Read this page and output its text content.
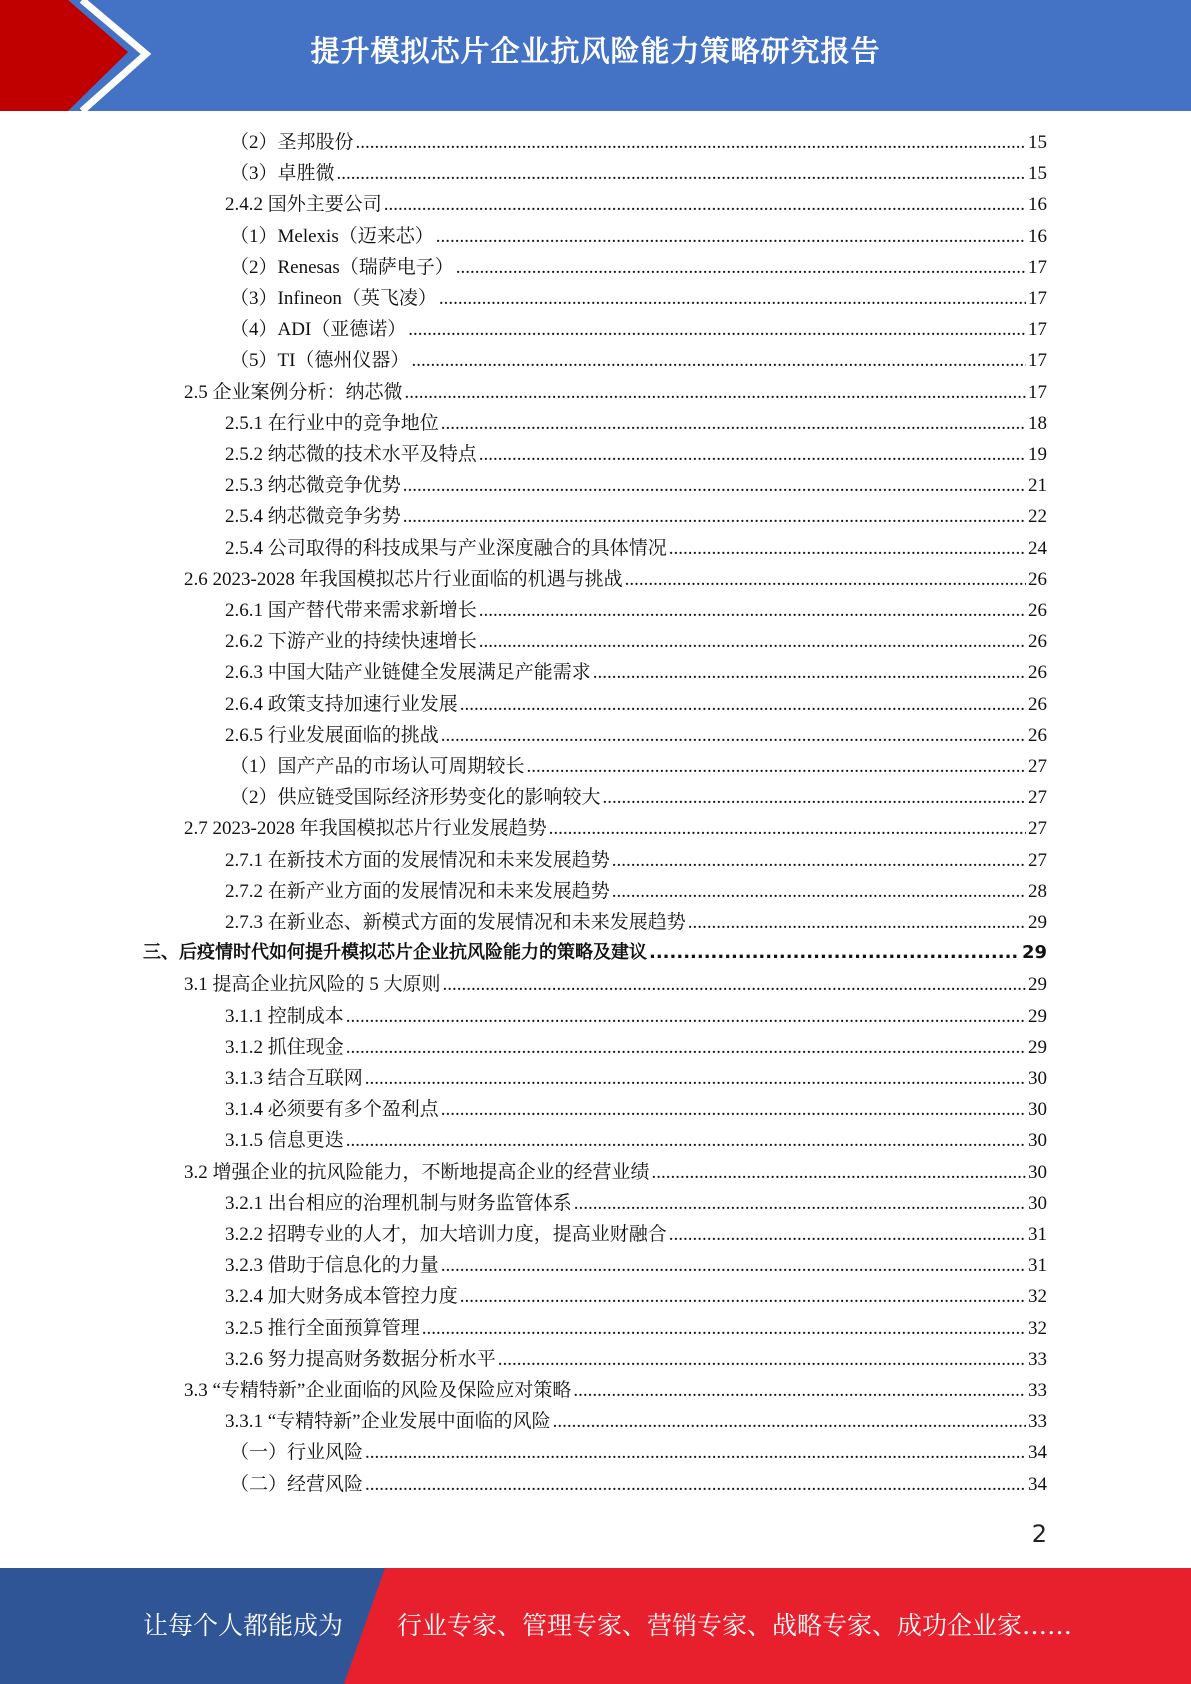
提升模拟芯片企业抗风险能力策略研究报告
（2）圣邦股份 .....	15
（3）卓胜微 .....	15
2.4.2 国外主要公司 .....	16
（1）Melexis（迈来芯） .....	16
（2）Renesas（瑞萨电子） .....	17
（3）Infineon（英飞凌） .....	17
（4）ADI（亚德诺） .....	17
（5）TI（德州仪器） .....	17
2.5 企业案例分析：纳芯微 .....	17
2.5.1 在行业中的竞争地位 .....	18
2.5.2 纳芯微的技术水平及特点 .....	19
2.5.3 纳芯微竞争优势 .....	21
2.5.4 纳芯微竞争劣势 .....	22
2.5.4 公司取得的科技成果与产业深度融合的具体情况 .....	24
2.6 2023-2028 年我国模拟芯片行业面临的机遇与挑战 .....	26
2.6.1 国产替代带来需求新增长 .....	26
2.6.2 下游产业的持续快速增长 .....	26
2.6.3 中国大陆产业链健全发展满足产能需求 .....	26
2.6.4 政策支持加速行业发展 .....	26
2.6.5 行业发展面临的挑战 .....	26
（1）国产产品的市场认可周期较长 .....	27
（2）供应链受国际经济形势变化的影响较大 .....	27
2.7 2023-2028 年我国模拟芯片行业发展趋势 .....	27
2.7.1 在新技术方面的发展情况和未来发展趋势 .....	27
2.7.2 在新产业方面的发展情况和未来发展趋势 .....	28
2.7.3 在新业态、新模式方面的发展情况和未来发展趋势 .....	29
三、后疫情时代如何提升模拟芯片企业抗风险能力的策略及建议 .....	29
3.1 提高企业抗风险的 5 大原则 .....	29
3.1.1 控制成本 .....	29
3.1.2 抓住现金 .....	29
3.1.3 结合互联网 .....	30
3.1.4 必须要有多个盈利点 .....	30
3.1.5 信息更迭 .....	30
3.2 增强企业的抗风险能力，不断地提高企业的经营业绩 .....	30
3.2.1 出台相应的治理机制与财务监管体系 .....	30
3.2.2 招聘专业的人才，加大培训力度，提高业财融合 .....	31
3.2.3 借助于信息化的力量 .....	31
3.2.4 加大财务成本管控力度 .....	32
3.2.5 推行全面预算管理 .....	32
3.2.6 努力提高财务数据分析水平 .....	33
3.3 “专精特新”企业面临的风险及保险应对策略 .....	33
3.3.1 “专精特新”企业发展中面临的风险 .....	33
（一）行业风险 .....	34
（二）经营风险 .....	34
2
让每个人都能成为 行业专家、管理专家、营销专家、战略专家、成功企业家……
